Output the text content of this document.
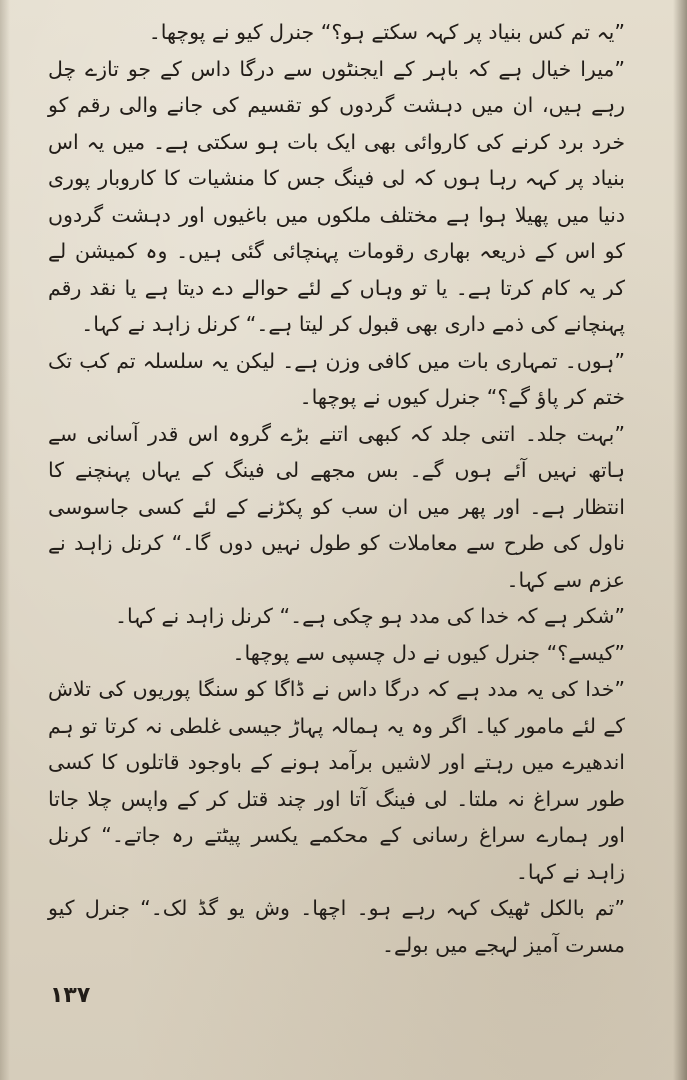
”یہ تم کس بنیاد پر کہہ سکتے ہو؟“ جنرل کیو نے پوچھا۔

”میرا خیال ہے کہ باہر کے ایجنٹوں سے درگا داس کے جو تازے چل رہے ہیں، ان میں دہشت گردوں کو تقسیم کی جانے والی رقم کو خرد برد کرنے کی کاروائی بھی ایک بات ہو سکتی ہے۔ میں یہ اس بنیاد پر کہہ رہا ہوں کہ لی فینگ جس کا منشیات کا کاروبار پوری دنیا میں پھیلا ہوا ہے مختلف ملکوں میں باغیوں اور دہشت گردوں کو اس کے ذریعہ بھاری رقومات پہنچائی گئی ہیں۔ وہ کمیشن لے کر یہ کام کرتا ہے۔ یا تو وہاں کے لئے حوالے دے دیتا ہے یا نقد رقم پہنچانے کی ذمے داری بھی قبول کر لیتا ہے۔“ کرنل زاہد نے کہا۔

”ہوں۔ تمہاری بات میں کافی وزن ہے۔ لیکن یہ سلسلہ تم کب تک ختم کر پاؤ گے؟“ جنرل کیوں نے پوچھا۔

”بہت جلد۔ اتنی جلد کہ کبھی اتنے بڑے گروہ اس قدر آسانی سے ہاتھ نہیں آئے ہوں گے۔ بس مجھے لی فینگ کے یہاں پہنچنے کا انتظار ہے۔ اور پھر میں ان سب کو پکڑنے کے لئے کسی جاسوسی ناول کی طرح سے معاملات کو طول نہیں دوں گا۔“ کرنل زاہد نے عزم سے کہا۔

”شکر ہے کہ خدا کی مدد ہو چکی ہے۔“ کرنل زاہد نے کہا۔

”کیسے؟“ جنرل کیوں نے دل چسپی سے پوچھا۔

”خدا کی یہ مدد ہے کہ درگا داس نے ڈاگا کو سنگا پوریوں کی تلاش کے لئے مامور کیا۔ اگر وہ یہ ہمالہ پہاڑ جیسی غلطی نہ کرتا تو ہم اندھیرے میں رہتے اور لاشیں برآمد ہونے کے باوجود قاتلوں کا کسی طور سراغ نہ ملتا۔ لی فینگ آتا اور چند قتل کر کے واپس چلا جاتا اور ہمارے سراغ رسانی کے محکمے یکسر پیٹتے رہ جاتے۔“ کرنل زاہد نے کہا۔

”تم بالکل ٹھیک کہہ رہے ہو۔ اچھا۔ وش یو گڈ لک۔“ جنرل کیو مسرت آمیز لہجے میں بولے۔

۱۳۷
